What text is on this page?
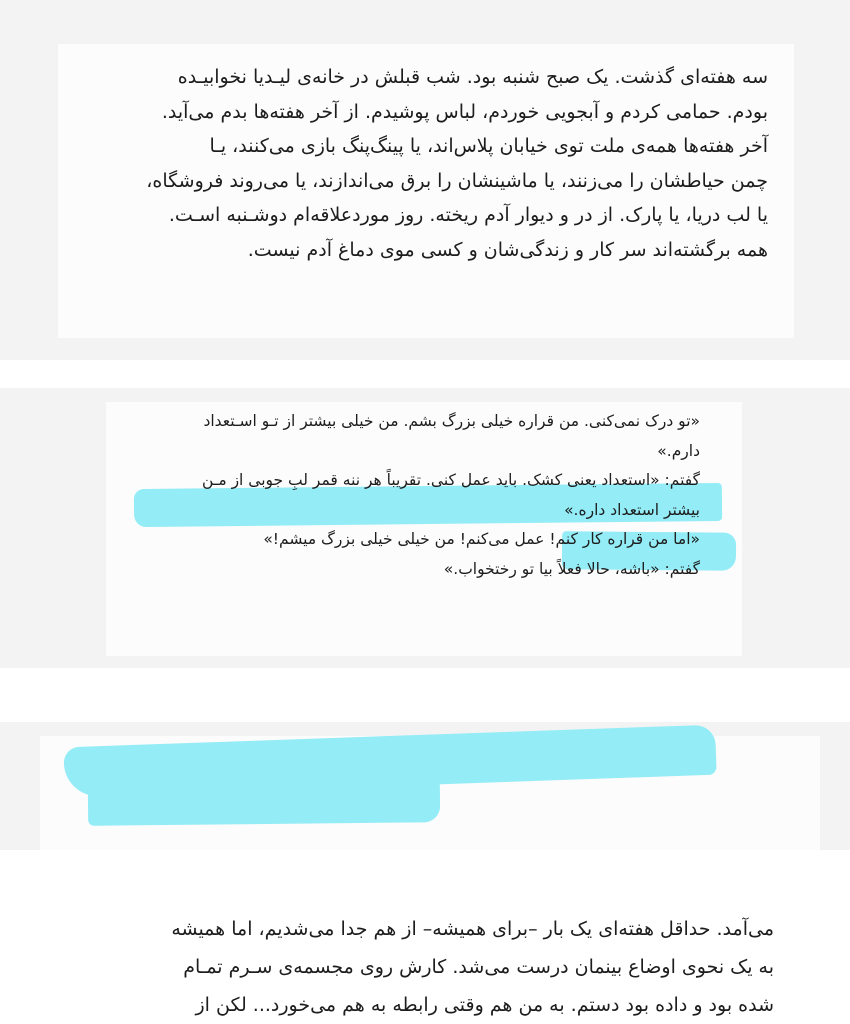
سه هفته‌ای گذشت. یک صبح شنبه بود. شب قبلش در خانه‌ی لیـدیا نخوابیـده
بودم. حمامی کردم و آبجویی خوردم، لباس پوشیدم. از آخر هفته‌ها بدم می‌آید.
آخر هفته‌ها همه‌ی ملت توی خیابان پلاس‌اند، یا پینگ‌پنگ بازی می‌کنند، یـا
چمن حیاطشان را می‌زنند، یا ماشینشان را برق می‌اندازند، یا می‌روند فروشگاه،
یا لب دریا، یا پارک. از در و دیوار آدم ریخته. روز موردعلاقه‌ام دوشـنبه اسـت.
همه برگشته‌اند سر کار و زندگی‌شان و کسی موی دماغ آدم نیست.
«تو درک نمی‌کنی. من قراره خیلی بزرگ بشم. من خیلی بیشتر از تـو اسـتعداد
دارم.»
گفتم: «استعداد یعنی کشک. باید عمل کنی. تقریباً هر ننه قمر لبِ جوبی از مـن
بیشتر استعداد داره.»
«اما من قراره کار کنم! عمل می‌کنم! من خیلی خیلی بزرگ میشم!»
گفتم: «باشه، حالا فعلاً بیا تو رختخواب.»
می‌آمد. حداقل هفته‌ای یک بار –برای همیشه– از هم جدا می‌شدیم، اما همیشه
به یک نحوی اوضاع بینمان درست می‌شد. کارش روی مجسمه‌ی سـرم تمـام
شده بود و داده بود دستم. به من هم وقتی رابطه به هم می‌خورد... لکن از
